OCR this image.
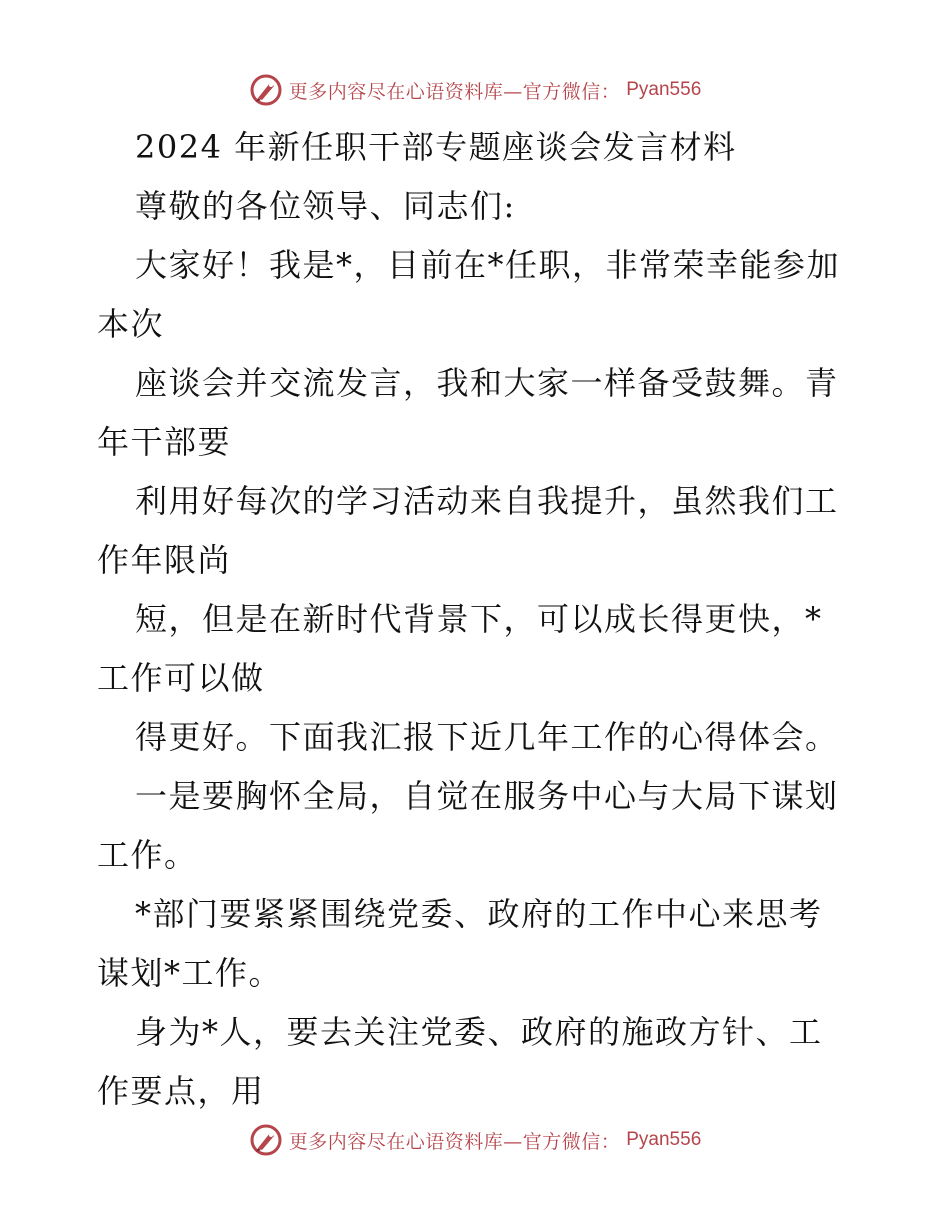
更多内容尽在心语资料库—官方微信： Pyan556
2024 年新任职干部专题座谈会发言材料
尊敬的各位领导、同志们:
大家好！我是*，目前在*任职，非常荣幸能参加
本次
座谈会并交流发言，我和大家一样备受鼓舞。青
年干部要
利用好每次的学习活动来自我提升，虽然我们工
作年限尚
短，但是在新时代背景下，可以成长得更快，*
工作可以做
得更好。下面我汇报下近几年工作的心得体会。
一是要胸怀全局，自觉在服务中心与大局下谋划
工作。
*部门要紧紧围绕党委、政府的工作中心来思考
谋划*工作。
身为*人，要去关注党委、政府的施政方针、工
作要点，用
更多内容尽在心语资料库—官方微信： Pyan556
